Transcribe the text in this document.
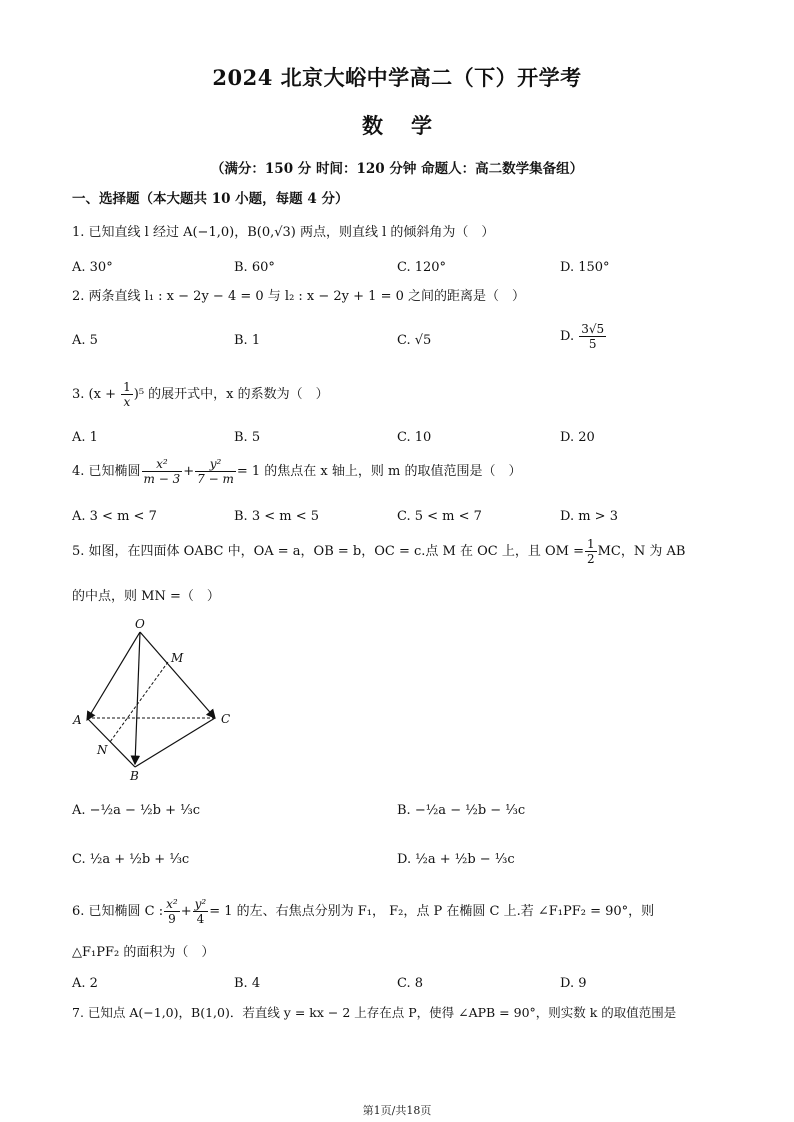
2024 北京大峪中学高二（下）开学考
数学
（满分：150 分 时间：120 分钟 命题人：高二数学集备组）
一、选择题（本大题共 10 小题，每题 4 分）
1. 已知直线 l 经过 A(−1,0)，B(0,√3) 两点，则直线 l 的倾斜角为（　）
A. 30°	B. 60°	C. 120°	D. 150°
2. 两条直线 l₁ : x − 2y − 4 = 0 与 l₂ : x − 2y + 1 = 0 之间的距离是（　）
A. 5	B. 1	C. √5	D. $\frac{3√5}{5}$
3. $(x + \frac{1}{x} )^5$ 的展开式中，x 的系数为（　）
A. 1	B. 5	C. 10	D. 20
4. 已知椭圆 $\frac{\text{x²}}{m - 3} + \frac{\text{y²}}{7 - m} = 1$ 的焦点在 x 轴上，则 m 的取值范围是（　）
A. 3 < m < 7	B. 3 < m < 5	C. 5 < m < 7	D. m > 3
5. 如图，在四面体 OABC 中，OA = a，OB = b，OC = c.点 M 在 OC 上，且 OM = $\frac{1}{2}$ MC，N 为 AB
的中点，则 MN =（　）
O
M
A	C
N
B
A. −½a − ½b + ⅓c	B. −½a − ½b − ⅓c
C. ½a + ½b + ⅓c	D. ½a + ½b − ⅓c
6. 已知椭圆 C : $\frac{\text{x²}}{9} + \frac{\text{y²}}{4} = 1$ 的左、右焦点分别为 F₁， F₂，点 P 在椭圆 C 上.若 ∠F₁PF₂ = 90°，则
△F₁PF₂ 的面积为（　）
A. 2	B. 4	C. 8	D. 9
7. 已知点 A(−1,0)，B(1,0)．若直线 y = kx − 2 上存在点 P，使得 ∠APB = 90°，则实数 k 的取值范围是
第1页/共18页
